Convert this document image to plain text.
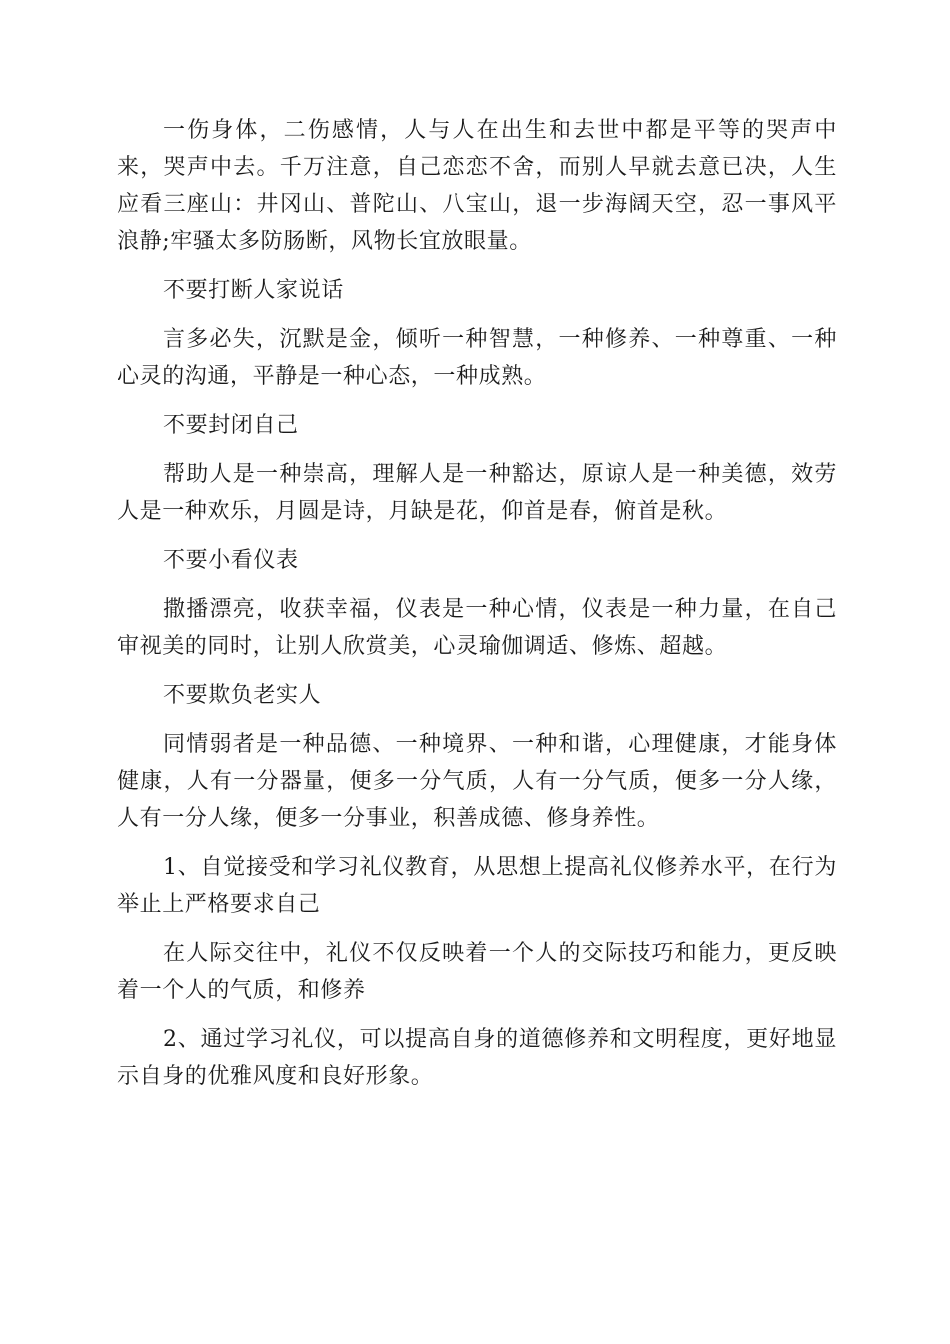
一伤身体，二伤感情，人与人在出生和去世中都是平等的哭声中来，哭声中去。千万注意，自己恋恋不舍，而别人早就去意已决，人生应看三座山：井冈山、普陀山、八宝山，退一步海阔天空，忍一事风平浪静;牢骚太多防肠断，风物长宜放眼量。

不要打断人家说话

言多必失，沉默是金，倾听一种智慧，一种修养、一种尊重、一种心灵的沟通，平静是一种心态，一种成熟。

不要封闭自己

帮助人是一种崇高，理解人是一种豁达，原谅人是一种美德，效劳人是一种欢乐，月圆是诗，月缺是花，仰首是春，俯首是秋。

不要小看仪表

撒播漂亮，收获幸福，仪表是一种心情，仪表是一种力量，在自己审视美的同时，让别人欣赏美，心灵瑜伽调适、修炼、超越。

不要欺负老实人

同情弱者是一种品德、一种境界、一种和谐，心理健康，才能身体健康，人有一分器量，便多一分气质，人有一分气质，便多一分人缘，人有一分人缘，便多一分事业，积善成德、修身养性。

1、自觉接受和学习礼仪教育，从思想上提高礼仪修养水平，在行为举止上严格要求自己

在人际交往中，礼仪不仅反映着一个人的交际技巧和能力，更反映着一个人的气质，和修养

2、通过学习礼仪，可以提高自身的道德修养和文明程度，更好地显示自身的优雅风度和良好形象。
